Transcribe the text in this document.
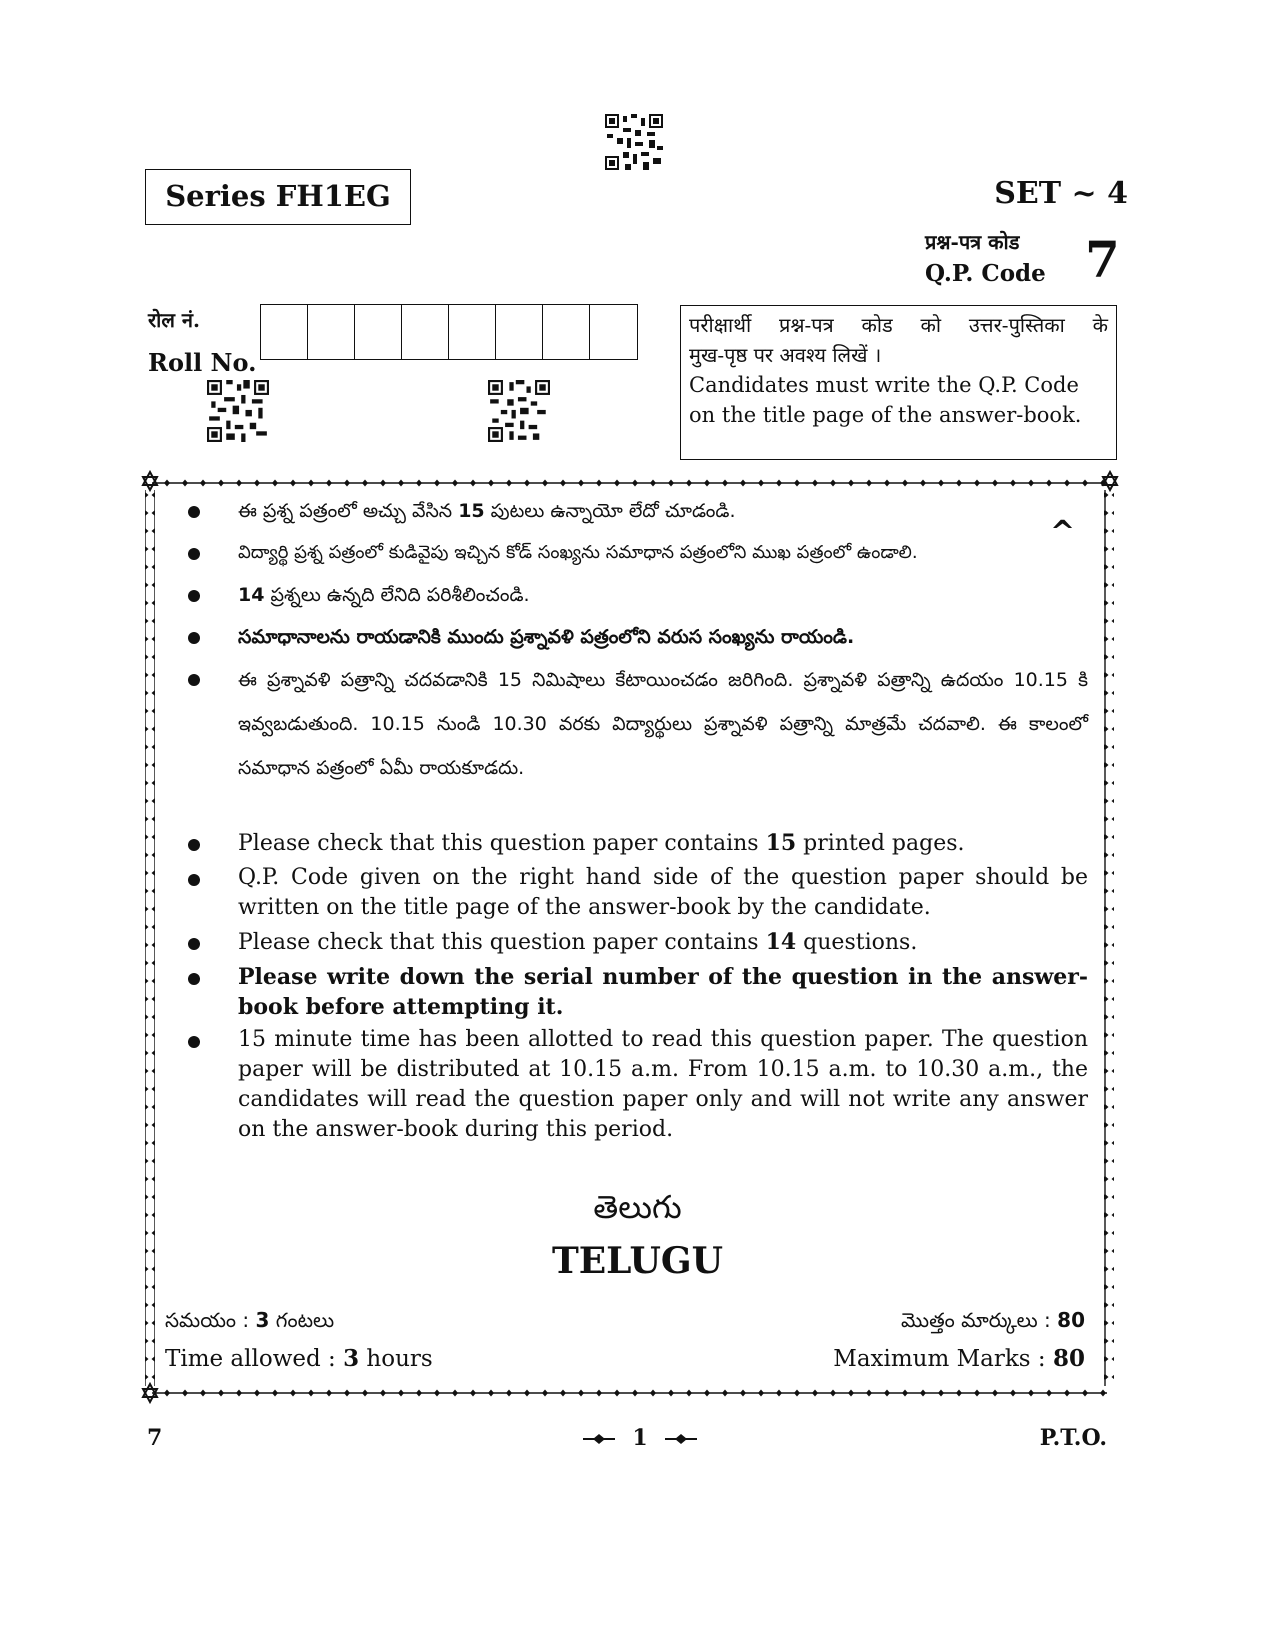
Series FH1EG	SET ~ 4
प्रश्न-पत्र कोड
Q.P. Code 7
रोल नं.
Roll No.
परीक्षार्थी प्रश्न-पत्र कोड को उत्तर-पुस्तिका के
मुख-पृष्ठ पर अवश्य लिखें ।
Candidates must write the Q.P. Code
on the title page of the answer-book.
^
ఈ ప్రశ్న పత్రంలో అచ్చు వేసిన 15 పుటలు ఉన్నాయో లేదో చూడండి.
విద్యార్థి ప్రశ్న పత్రంలో కుడివైపు ఇచ్చిన కోడ్ సంఖ్యను సమాధాన పత్రంలోని ముఖ పత్రంలో ఉండాలి.
14 ప్రశ్నలు ఉన్నది లేనిది పరిశీలించండి.
సమాధానాలను రాయడానికి ముందు ప్రశ్నావళి పత్రంలోని వరుస సంఖ్యను రాయండి.
ఈ ప్రశ్నావళి పత్రాన్ని చదవడానికి 15 నిమిషాలు కేటాయించడం జరిగింది. ప్రశ్నావళి పత్రాన్ని ఉదయం 10.15 కి ఇవ్వబడుతుంది. 10.15 నుండి 10.30 వరకు విద్యార్థులు ప్రశ్నావళి పత్రాన్ని మాత్రమే చదవాలి. ఈ కాలంలో సమాధాన పత్రంలో ఏమీ రాయకూడదు.
Please check that this question paper contains 15 printed pages.
Q.P. Code given on the right hand side of the question paper should be written on the title page of the answer-book by the candidate.
Please check that this question paper contains 14 questions.
Please write down the serial number of the question in the answer-book before attempting it.
15 minute time has been allotted to read this question paper. The question paper will be distributed at 10.15 a.m. From 10.15 a.m. to 10.30 a.m., the candidates will read the question paper only and will not write any answer on the answer-book during this period.
తెలుగు
TELUGU
సమయం : 3 గంటలు
Time allowed : 3 hours
మొత్తం మార్కులు : 80
Maximum Marks : 80
7	1	P.T.O.
